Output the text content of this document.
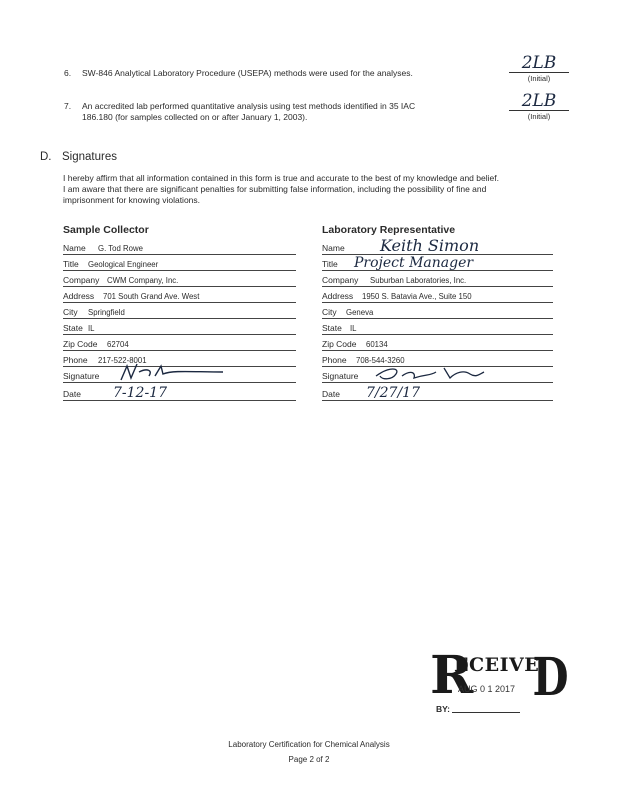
6.	SW-846 Analytical Laboratory Procedure (USEPA) methods were used for the analyses.	2LB
(Initial)
7.	An accredited lab performed quantitative analysis using test methods identified in 35 IAC
186.180 (for samples collected on or after January 1, 2003).
2LB
(Initial)
D. Signatures
I hereby affirm that all information contained in this form is true and accurate to the best of my knowledge and belief.
I am aware that there are significant penalties for submitting false information, including the possibility of fine and
imprisonment for knowing violations.
Sample Collector
Name G. Tod Rowe
Title Geological Engineer
Company CWM Company, Inc.
Address 701 South Grand Ave. West
City Springfield
State IL
Zip Code 62704
Phone 217-522-8001
Signature
Date 7-12-17
Laboratory Representative
Name Keith Simon
Title Project Manager
Company Suburban Laboratories, Inc.
Address 1950 S. Batavia Ave., Suite 150
City Geneva
State IL
Zip Code 60134
Phone 708-544-3260
Signature
Date 7/27/17
R
ECEIVE
AUG 0 1 2017
BY:
D
Laboratory Certification for Chemical Analysis
Page 2 of 2
